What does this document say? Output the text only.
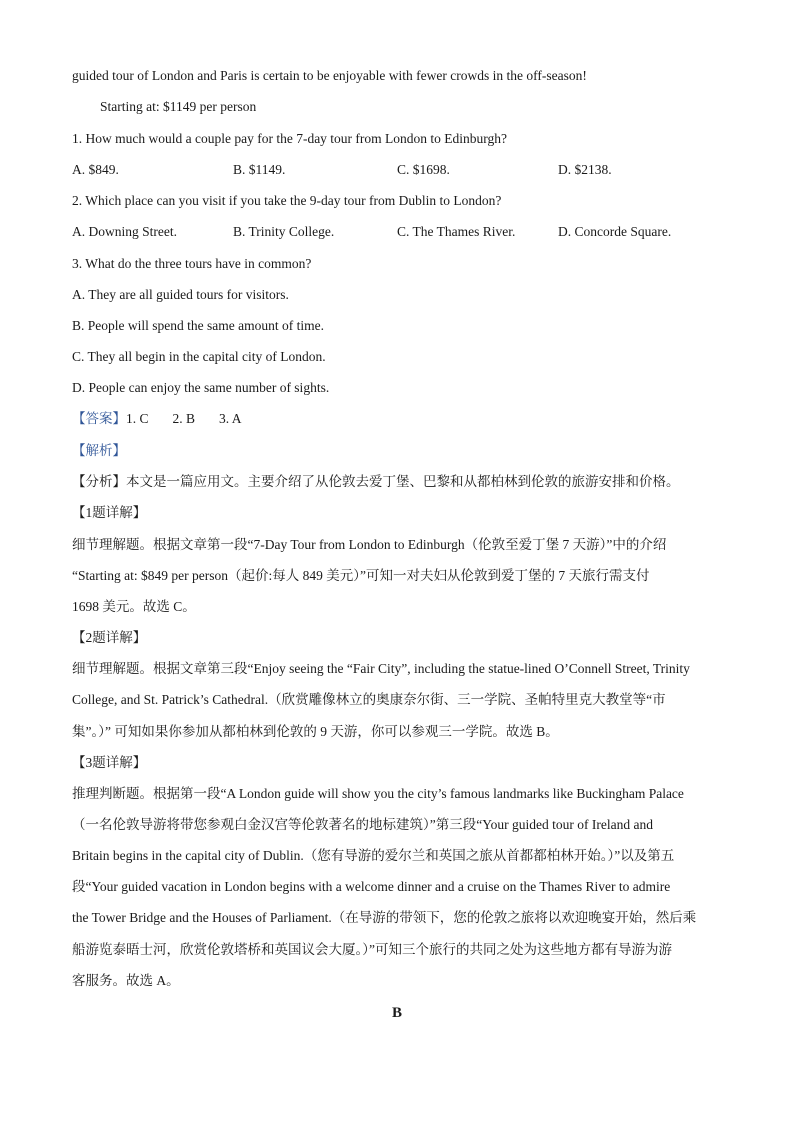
guided tour of London and Paris is certain to be enjoyable with fewer crowds in the off-season!
Starting at: $1149 per person
1. How much would a couple pay for the 7-day tour from London to Edinburgh?
A. $849.	B. $1149.	C. $1698.	D. $2138.
2. Which place can you visit if you take the 9-day tour from Dublin to London?
A. Downing Street.	B. Trinity College.	C. The Thames River.	D. Concorde Square.
3. What do the three tours have in common?
A. They are all guided tours for visitors.
B. People will spend the same amount of time.
C. They all begin in the capital city of London.
D. People can enjoy the same number of sights.
【答案】1. C 2. B 3. A
【解析】
【分析】本文是一篇应用文。主要介绍了从伦敦去爱丁堡、巴黎和从都柏林到伦敦的旅游安排和价格。
【1题详解】
细节理解题。根据文章第一段“7-Day Tour from London to Edinburgh（伦敦至爱丁堡 7 天游）”中的介绍
“Starting at: $849 per person（起价:每人 849 美元）”可知一对夫妇从伦敦到爱丁堡的 7 天旅行需支付
1698 美元。故选 C。
【2题详解】
细节理解题。根据文章第三段“Enjoy seeing the “Fair City”, including the statue-lined O’Connell Street, Trinity
College, and St. Patrick’s Cathedral.（欣赏雕像林立的奥康奈尔街、三一学院、圣帕特里克大教堂等“市
集”。）” 可知如果你参加从都柏林到伦敦的 9 天游，你可以参观三一学院。故选 B。
【3题详解】
推理判断题。根据第一段“A London guide will show you the city’s famous landmarks like Buckingham Palace
（一名伦敦导游将带您参观白金汉宫等伦敦著名的地标建筑）”第三段“Your guided tour of Ireland and
Britain begins in the capital city of Dublin.（您有导游的爱尔兰和英国之旅从首都都柏林开始。）”以及第五
段“Your guided vacation in London begins with a welcome dinner and a cruise on the Thames River to admire
the Tower Bridge and the Houses of Parliament.（在导游的带领下，您的伦敦之旅将以欢迎晚宴开始，然后乘
船游览泰晤士河，欣赏伦敦塔桥和英国议会大厦。）”可知三个旅行的共同之处为这些地方都有导游为游
客服务。故选 A。
B
